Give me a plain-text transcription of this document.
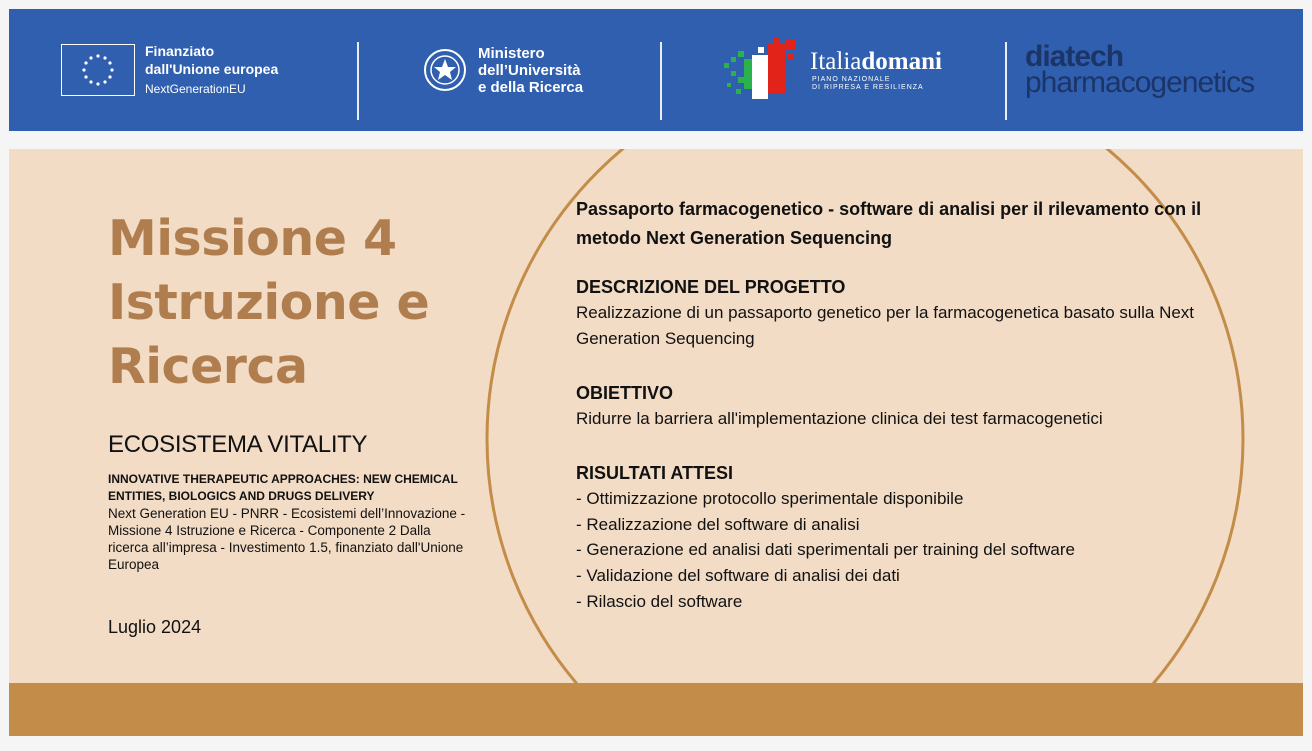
Finanziato
dall'Unione europea
NextGenerationEU
Ministero
dell’Università
e della Ricerca
Italiadomani
PIANO NAZIONALE
DI RIPRESA E RESILIENZA
diatech
pharmacogenetics
Missione 4
Istruzione e
Ricerca
ECOSISTEMA VITALITY
INNOVATIVE THERAPEUTIC APPROACHES: NEW CHEMICAL ENTITIES, BIOLOGICS AND DRUGS DELIVERY
Next Generation EU - PNRR - Ecosistemi dell’Innovazione -Missione 4 Istruzione e Ricerca - Componente 2 Dalla ricerca all’impresa - Investimento 1.5, finanziato dall'Unione Europea
Luglio 2024

Passaporto farmacogenetico - software di analisi per il rilevamento con il metodo Next Generation Sequencing

DESCRIZIONE DEL PROGETTO

Realizzazione di un passaporto genetico per la farmacogenetica basato sulla Next Generation Sequencing

OBIETTIVO

Ridurre la barriera all'implementazione clinica dei test farmacogenetici

RISULTATI ATTESI

- Ottimizzazione protocollo sperimentale disponibile
- Realizzazione del software di analisi
- Generazione ed analisi dati sperimentali per training del software
- Validazione del software di analisi dei dati
- Rilascio del software
